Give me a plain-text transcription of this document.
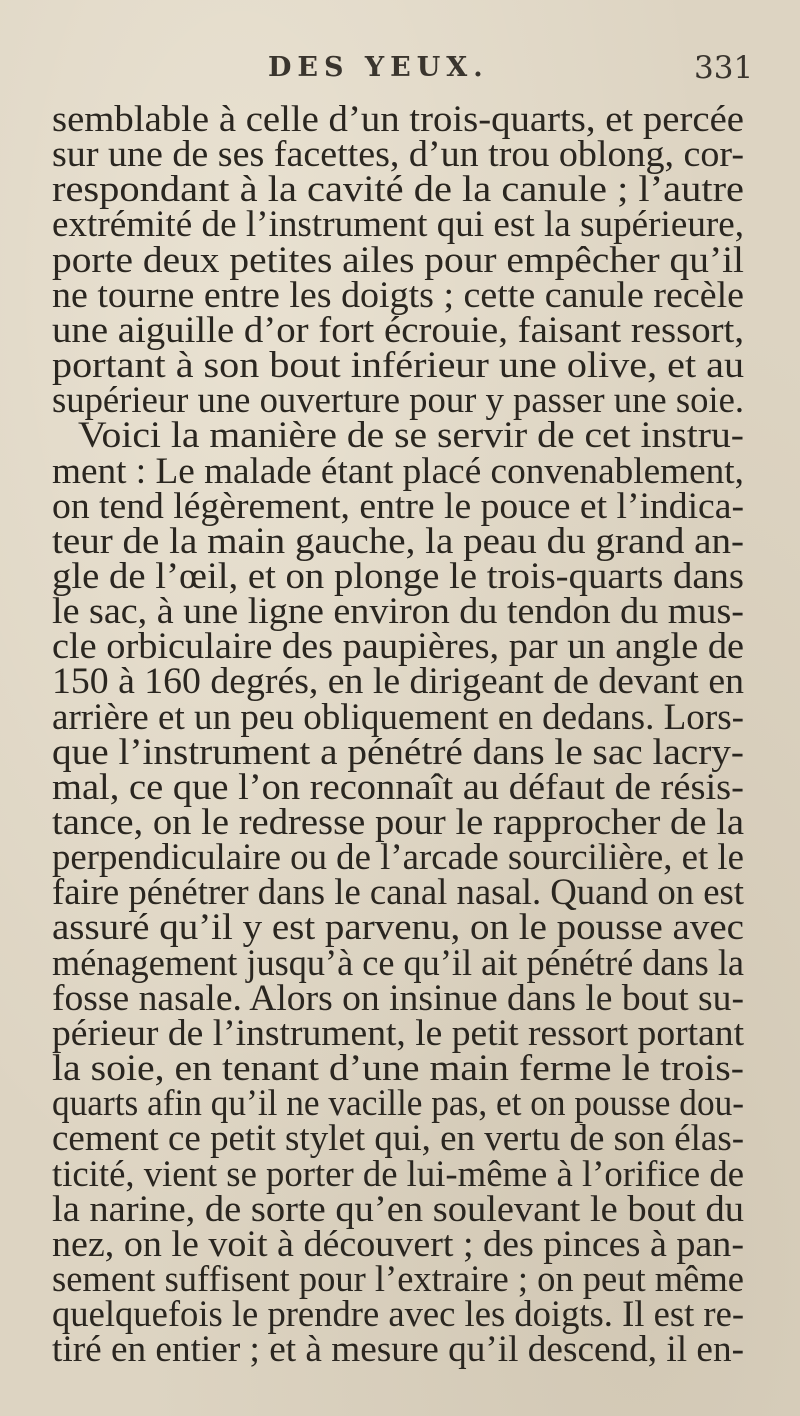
DES YEUX.	331
semblable à celle d’un trois-quarts, et percée
sur une de ses facettes, d’un trou oblong, cor-
respondant à la cavité de la canule ; l’autre
extrémité de l’instrument qui est la supérieure,
porte deux petites ailes pour empêcher qu’il
ne tourne entre les doigts ; cette canule recèle
une aiguille d’or fort écrouie, faisant ressort,
portant à son bout inférieur une olive, et au
supérieur une ouverture pour y passer une soie.
Voici la manière de se servir de cet instru-
ment : Le malade étant placé convenablement,
on tend légèrement, entre le pouce et l’indica-
teur de la main gauche, la peau du grand an-
gle de l’œil, et on plonge le trois-quarts dans
le sac, à une ligne environ du tendon du mus-
cle orbiculaire des paupières, par un angle de
150 à 160 degrés, en le dirigeant de devant en
arrière et un peu obliquement en dedans. Lors-
que l’instrument a pénétré dans le sac lacry-
mal, ce que l’on reconnaît au défaut de résis-
tance, on le redresse pour le rapprocher de la
perpendiculaire ou de l’arcade sourcilière, et le
faire pénétrer dans le canal nasal. Quand on est
assuré qu’il y est parvenu, on le pousse avec
ménagement jusqu’à ce qu’il ait pénétré dans la
fosse nasale. Alors on insinue dans le bout su-
périeur de l’instrument, le petit ressort portant
la soie, en tenant d’une main ferme le trois-
quarts afin qu’il ne vacille pas, et on pousse dou-
cement ce petit stylet qui, en vertu de son élas-
ticité, vient se porter de lui-même à l’orifice de
la narine, de sorte qu’en soulevant le bout du
nez, on le voit à découvert ; des pinces à pan-
sement suffisent pour l’extraire ; on peut même
quelquefois le prendre avec les doigts. Il est re-
tiré en entier ; et à mesure qu’il descend, il en-
